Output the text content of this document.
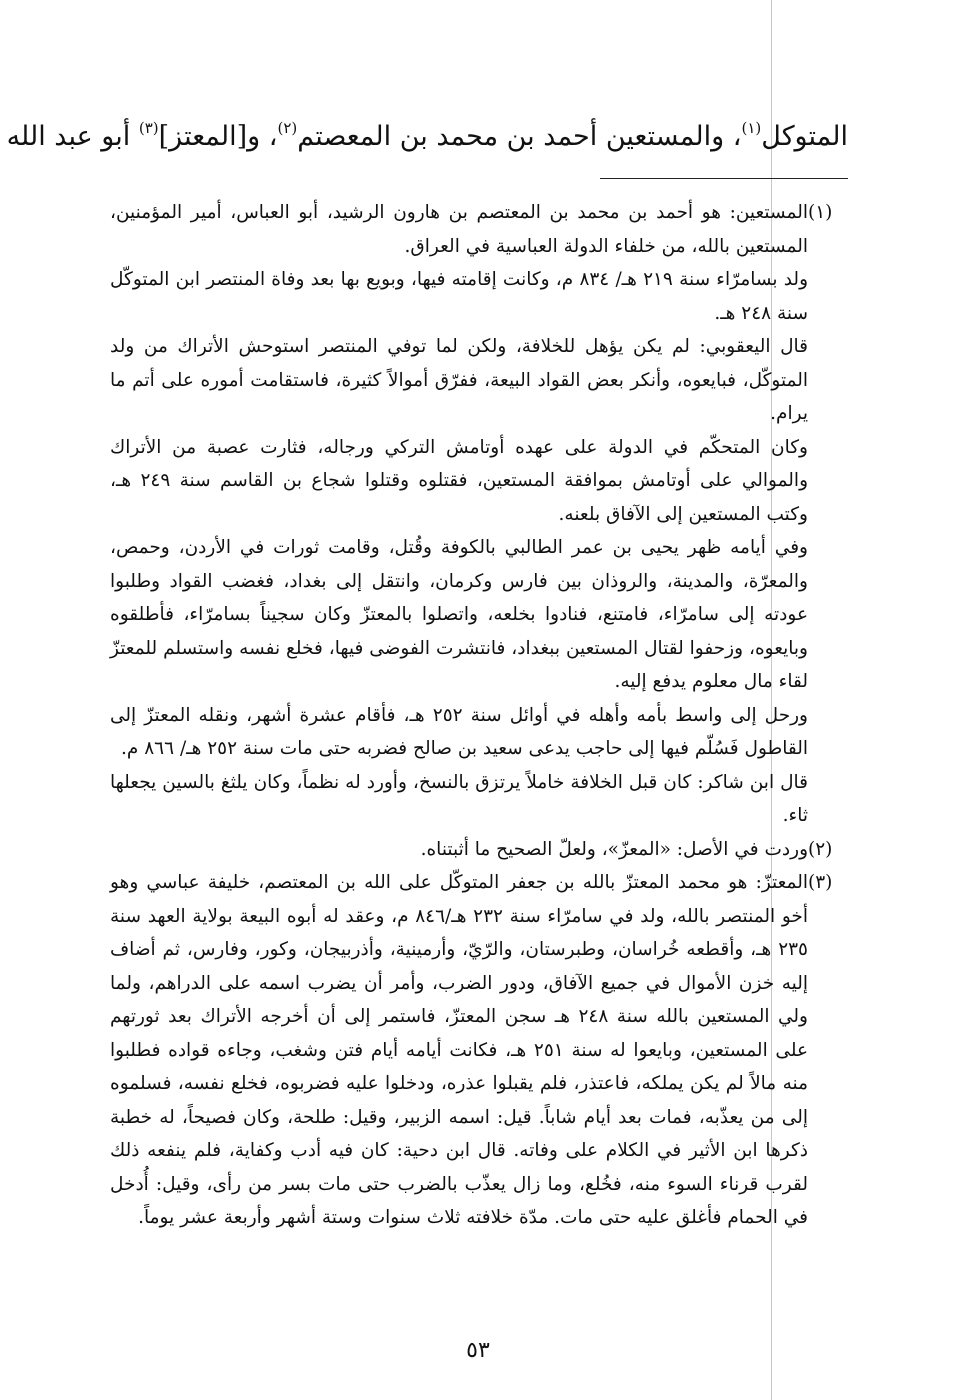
المتوكل$^{(١)}$، والمستعين أحمد بن محمد بن المعصتم$^{(٢)}$، و[المعتز]$^{(٣)}$ أبو عبد الله
(١)

المستعين: هو أحمد بن محمد بن المعتصم بن هارون الرشيد، أبو العباس، أمير المؤمنين، المستعين بالله، من خلفاء الدولة العباسية في العراق.

ولد بسامرّاء سنة ٢١٩ هـ/ ٨٣٤ م، وكانت إقامته فيها، وبويع بها بعد وفاة المنتصر ابن المتوكّل سنة ٢٤٨ هـ.

قال اليعقوبي: لم يكن يؤهل للخلافة، ولكن لما توفي المنتصر استوحش الأتراك من ولد المتوكّل، فبايعوه، وأنكر بعض القواد البيعة، ففرّق أموالاً كثيرة، فاستقامت أموره على أتم ما يرام.

وكان المتحكّم في الدولة على عهده أوتامش التركي ورجاله، فثارت عصبة من الأتراك والموالي على أوتامش بموافقة المستعين، فقتلوه وقتلوا شجاع بن القاسم سنة ٢٤٩ هـ، وكتب المستعين إلى الآفاق بلعنه.

وفي أيامه ظهر يحيى بن عمر الطالبي بالكوفة وقُتل، وقامت ثورات في الأردن، وحمص، والمعرّة، والمدينة، والروذان بين فارس وكرمان، وانتقل إلى بغداد، فغضب القواد وطلبوا عودته إلى سامرّاء، فامتنع، فنادوا بخلعه، واتصلوا بالمعتزّ وكان سجيناً بسامرّاء، فأطلقوه وبايعوه، وزحفوا لقتال المستعين ببغداد، فانتشرت الفوضى فيها، فخلع نفسه واستسلم للمعتزّ لقاء مال معلوم يدفع إليه.

ورحل إلى واسط بأمه وأهله في أوائل سنة ٢٥٢ هـ، فأقام عشرة أشهر، ونقله المعتزّ إلى القاطول فَسُلّم فيها إلى حاجب يدعى سعيد بن صالح فضربه حتى مات سنة ٢٥٢ هـ/ ٨٦٦ م.

قال ابن شاكر: كان قبل الخلافة خاملاً يرتزق بالنسخ، وأورد له نظماً، وكان يلثغ بالسين يجعلها ثاء.

(٢)

وردت في الأصل: «المعزّ»، ولعلّ الصحيح ما أثبتناه.

(٣)

المعتزّ: هو محمد المعتزّ بالله بن جعفر المتوكّل على الله بن المعتصم، خليفة عباسي وهو أخو المنتصر بالله، ولد في سامرّاء سنة ٢٣٢ هـ/٨٤٦ م، وعقد له أبوه البيعة بولاية العهد سنة ٢٣٥ هـ، وأقطعه خُراسان، وطبرستان، والرّيّ، وأرمينية، وأذربيجان، وكور، وفارس، ثم أضاف إليه خزن الأموال في جميع الآفاق، ودور الضرب، وأمر أن يضرب اسمه على الدراهم، ولما ولي المستعين بالله سنة ٢٤٨ هـ سجن المعتزّ، فاستمر إلى أن أخرجه الأتراك بعد ثورتهم على المستعين، وبايعوا له سنة ٢٥١ هـ، فكانت أيامه أيام فتن وشغب، وجاءه قواده فطلبوا منه مالاً لم يكن يملكه، فاعتذر، فلم يقبلوا عذره، ودخلوا عليه فضربوه، فخلع نفسه، فسلموه إلى من يعذّبه، فمات بعد أيام شاباً. قيل: اسمه الزبير، وقيل: طلحة، وكان فصيحاً، له خطبة ذكرها ابن الأثير في الكلام على وفاته. قال ابن دحية: كان فيه أدب وكفاية، فلم ينفعه ذلك لقرب قرناء السوء منه، فخُلع، وما زال يعذّب بالضرب حتى مات بسر من رأى، وقيل: أُدخل في الحمام فأغلق عليه حتى مات. مدّة خلافته ثلاث سنوات وستة أشهر وأربعة عشر يوماً.

٥٣
